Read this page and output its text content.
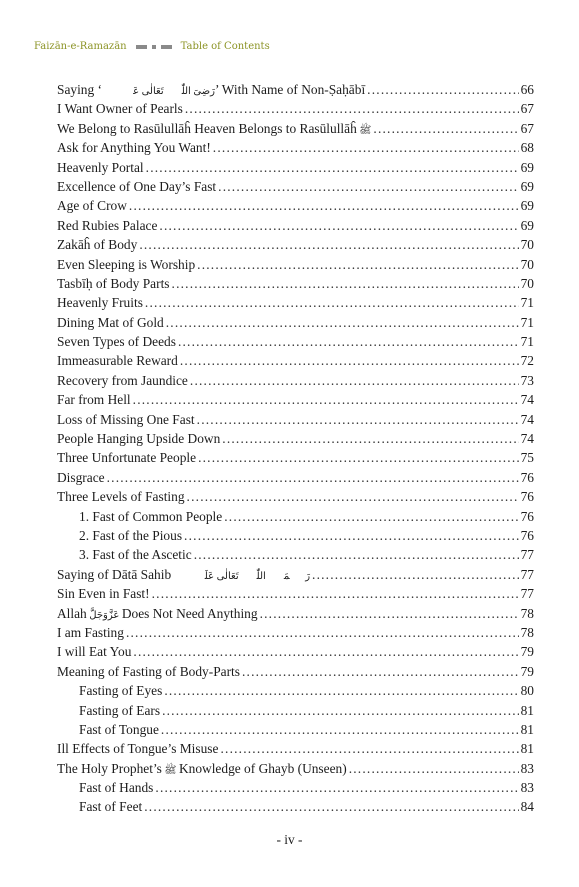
Faizān-e-Ramazān	Table of Contents
Saying ‘رَضِیَ اللّٰہُ تَعَالٰی عَنۡہُ’ With Name of Non-Ṣaḥābī .....	66
I Want Owner of Pearls .....	67
We Belong to Rasūlullāĥ Heaven Belongs to Rasūlullāĥ ﷺ .....	67
Ask for Anything You Want! .....	68
Heavenly Portal .....	69
Excellence of One Day’s Fast .....	69
Age of Crow .....	69
Red Rubies Palace .....	69
Zakāĥ of Body .....	70
Even Sleeping is Worship .....	70
Tasbīḥ of Body Parts .....	70
Heavenly Fruits .....	71
Dining Mat of Gold .....	71
Seven Types of Deeds .....	71
Immeasurable Reward .....	72
Recovery from Jaundice .....	73
Far from Hell .....	74
Loss of Missing One Fast .....	74
People Hanging Upside Down .....	74
Three Unfortunate People .....	75
Disgrace .....	76
Three Levels of Fasting .....	76
1. Fast of Common People .....	76
2. Fast of the Pious .....	76
3. Fast of the Ascetic .....	77
Saying of Dātā Sahib رَحۡمَۃُ اللّٰہِ تَعَالٰی عَلَیۡہِ .....	77
Sin Even in Fast! .....	77
Allah عَزَّوَجَلَّ Does Not Need Anything .....	78
I am Fasting .....	78
I will Eat You .....	79
Meaning of Fasting of Body-Parts .....	79
Fasting of Eyes .....	80
Fasting of Ears .....	81
Fast of Tongue .....	81
Ill Effects of Tongue’s Misuse .....	81
The Holy Prophet’s ﷺ Knowledge of Ghayb (Unseen) .....	83
Fast of Hands .....	83
Fast of Feet .....	84
- iv -
